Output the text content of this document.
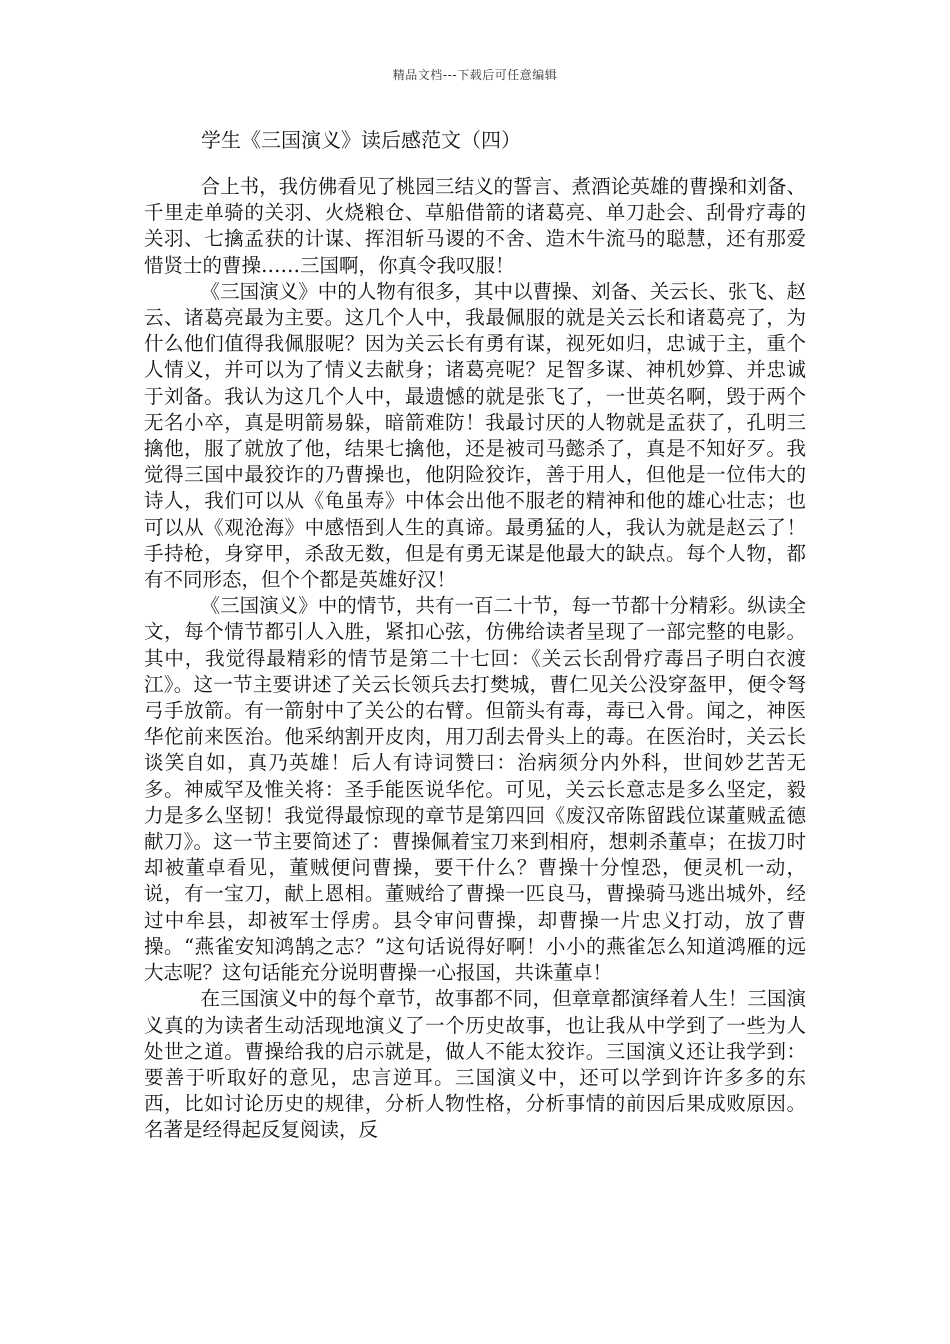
精品文档---下载后可任意编辑
学生《三国演义》读后感范文（四）

合上书，我仿佛看见了桃园三结义的誓言、煮酒论英雄的曹操和刘备、千里走单骑的关羽、火烧粮仓、草船借箭的诸葛亮、单刀赴会、刮骨疗毒的关羽、七擒孟获的计谋、挥泪斩马谡的不舍、造木牛流马的聪慧，还有那爱惜贤士的曹操……三国啊，你真令我叹服！

《三国演义》中的人物有很多，其中以曹操、刘备、关云长、张飞、赵云、诸葛亮最为主要。这几个人中，我最佩服的就是关云长和诸葛亮了，为什么他们值得我佩服呢？因为关云长有勇有谋，视死如归，忠诚于主，重个人情义，并可以为了情义去献身；诸葛亮呢？足智多谋、神机妙算、并忠诚于刘备。我认为这几个人中，最遗憾的就是张飞了，一世英名啊，毁于两个无名小卒，真是明箭易躲，暗箭难防！我最讨厌的人物就是孟获了，孔明三擒他，服了就放了他，结果七擒他，还是被司马懿杀了，真是不知好歹。我觉得三国中最狡诈的乃曹操也，他阴险狡诈，善于用人，但他是一位伟大的诗人，我们可以从《龟虽寿》中体会出他不服老的精神和他的雄心壮志；也可以从《观沧海》中感悟到人生的真谛。最勇猛的人，我认为就是赵云了！手持枪，身穿甲，杀敌无数，但是有勇无谋是他最大的缺点。每个人物，都有不同形态，但个个都是英雄好汉！

《三国演义》中的情节，共有一百二十节，每一节都十分精彩。纵读全文，每个情节都引人入胜，紧扣心弦，仿佛给读者呈现了一部完整的电影。其中，我觉得最精彩的情节是第二十七回：《关云长刮骨疗毒吕子明白衣渡江》。这一节主要讲述了关云长领兵去打樊城，曹仁见关公没穿盔甲，便令弩弓手放箭。有一箭射中了关公的右臂。但箭头有毒，毒已入骨。闻之，神医华佗前来医治。他采纳割开皮肉，用刀刮去骨头上的毒。在医治时，关云长谈笑自如，真乃英雄！后人有诗词赞曰：治病须分内外科，世间妙艺苦无多。神威罕及惟关将：圣手能医说华佗。可见，关云长意志是多么坚定，毅力是多么坚韧！我觉得最惊现的章节是第四回《废汉帝陈留践位谋董贼孟德献刀》。这一节主要简述了：曹操佩着宝刀来到相府，想刺杀董卓；在拔刀时却被董卓看见，董贼便问曹操，要干什么？曹操十分惶恐，便灵机一动，说，有一宝刀，献上恩相。董贼给了曹操一匹良马，曹操骑马逃出城外，经过中牟县，却被军士俘虏。县令审问曹操，却曹操一片忠义打动，放了曹操。“燕雀安知鸿鹄之志？”这句话说得好啊！小小的燕雀怎么知道鸿雁的远大志呢？这句话能充分说明曹操一心报国，共诛董卓！

在三国演义中的每个章节，故事都不同，但章章都演绎着人生！三国演义真的为读者生动活现地演义了一个历史故事，也让我从中学到了一些为人处世之道。曹操给我的启示就是，做人不能太狡诈。三国演义还让我学到：要善于听取好的意见，忠言逆耳。三国演义中，还可以学到许许多多的东西，比如讨论历史的规律，分析人物性格，分析事情的前因后果成败原因。名著是经得起反复阅读，反
